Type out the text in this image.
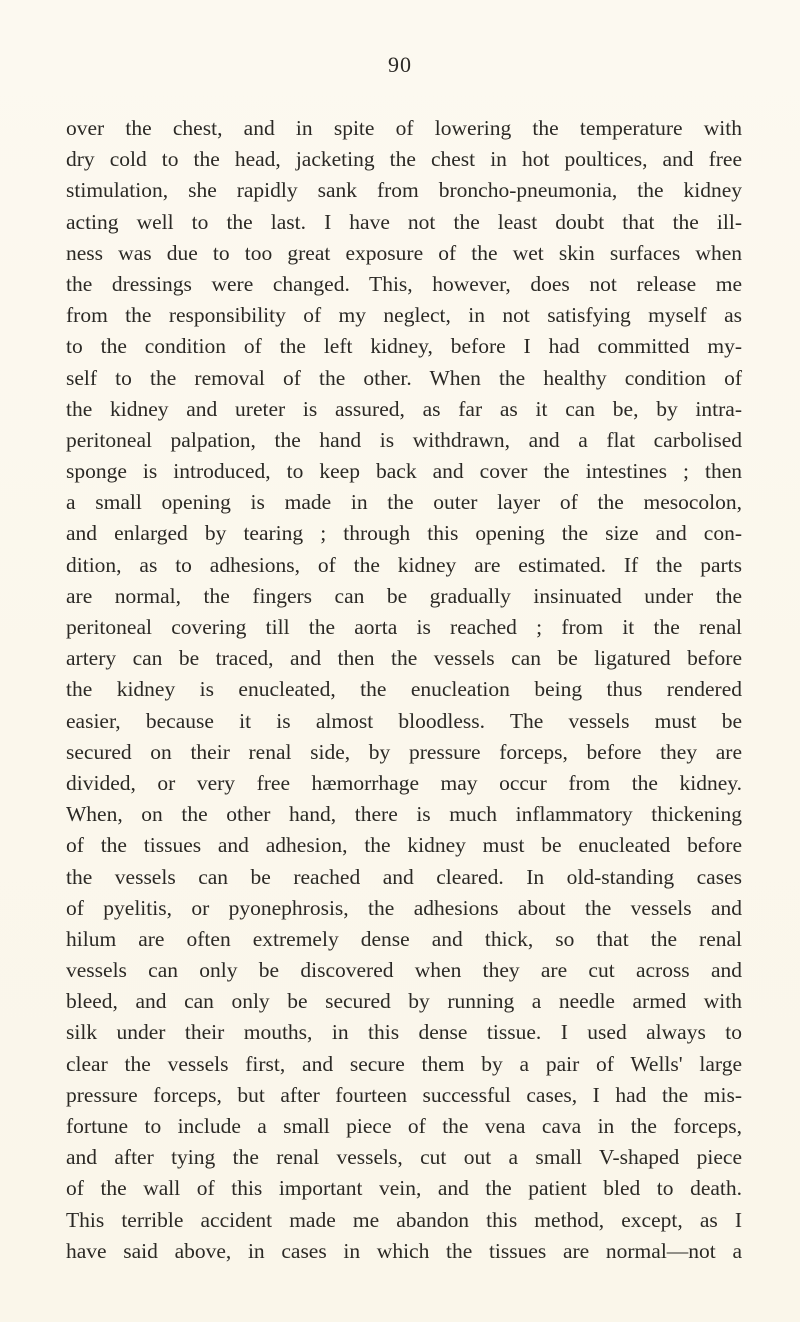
90
over the chest, and in spite of lowering the temperature with
dry cold to the head, jacketing the chest in hot poultices, and free
stimulation, she rapidly sank from broncho-pneumonia, the kidney
acting well to the last. I have not the least doubt that the ill-
ness was due to too great exposure of the wet skin surfaces when
the dressings were changed. This, however, does not release me
from the responsibility of my neglect, in not satisfying myself as
to the condition of the left kidney, before I had committed my-
self to the removal of the other. When the healthy condition of
the kidney and ureter is assured, as far as it can be, by intra-
peritoneal palpation, the hand is withdrawn, and a flat carbolised
sponge is introduced, to keep back and cover the intestines ; then
a small opening is made in the outer layer of the mesocolon,
and enlarged by tearing ; through this opening the size and con-
dition, as to adhesions, of the kidney are estimated. If the parts
are normal, the fingers can be gradually insinuated under the
peritoneal covering till the aorta is reached ; from it the renal
artery can be traced, and then the vessels can be ligatured before
the kidney is enucleated, the enucleation being thus rendered
easier, because it is almost bloodless. The vessels must be
secured on their renal side, by pressure forceps, before they are
divided, or very free hæmorrhage may occur from the kidney.
When, on the other hand, there is much inflammatory thickening
of the tissues and adhesion, the kidney must be enucleated before
the vessels can be reached and cleared. In old-standing cases
of pyelitis, or pyonephrosis, the adhesions about the vessels and
hilum are often extremely dense and thick, so that the renal
vessels can only be discovered when they are cut across and
bleed, and can only be secured by running a needle armed with
silk under their mouths, in this dense tissue. I used always to
clear the vessels first, and secure them by a pair of Wells' large
pressure forceps, but after fourteen successful cases, I had the mis-
fortune to include a small piece of the vena cava in the forceps,
and after tying the renal vessels, cut out a small V-shaped piece
of the wall of this important vein, and the patient bled to death.
This terrible accident made me abandon this method, except, as I
have said above, in cases in which the tissues are normal—not a
